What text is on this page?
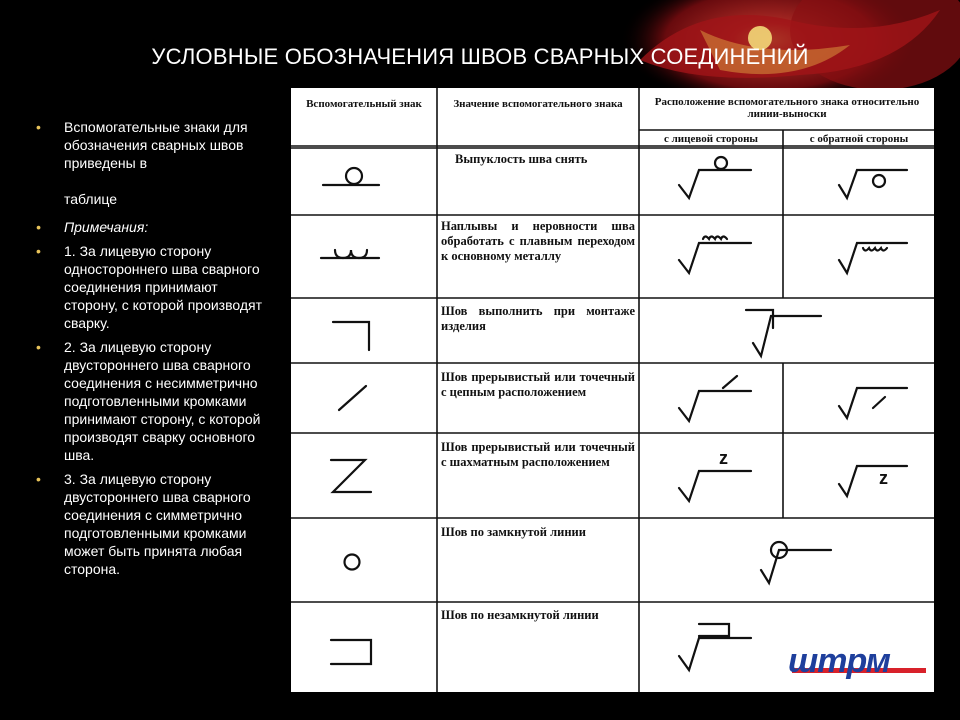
УСЛОВНЫЕ ОБОЗНАЧЕНИЯ ШВОВ СВАРНЫХ СОЕДИНЕНИЙ
• Вспомогательные знаки для обозначения сварных швов приведены в
таблице
• Примечания:
• 1. За лицевую сторону одностороннего шва сварного соединения принимают сторону, с которой производят сварку.
• 2. За лицевую сторону двустороннего шва сварного соединения с несимметрично подготовленными кромками принимают сторону, с которой производят сварку основного шва.
• 3. За лицевую сторону двустороннего шва сварного соединения с симметрично подготовленными кромками может быть принята любая сторона.
z
z
Вспомогательный знак	Значение вспомогательного знака	Расположение вспомогательного знака относительно линии-выноски
с лицевой стороны	с обратной стороны
Выпуклость шва снять
Наплывы и неровности шва обработать с плавным переходом к основному металлу
Шов выполнить при монтаже изделия
Шов прерывистый или точечный с цепным расположением
Шов прерывистый или точечный с шахматным расположением
Шов по замкнутой линии
Шов по незамкнутой линии
штрм
